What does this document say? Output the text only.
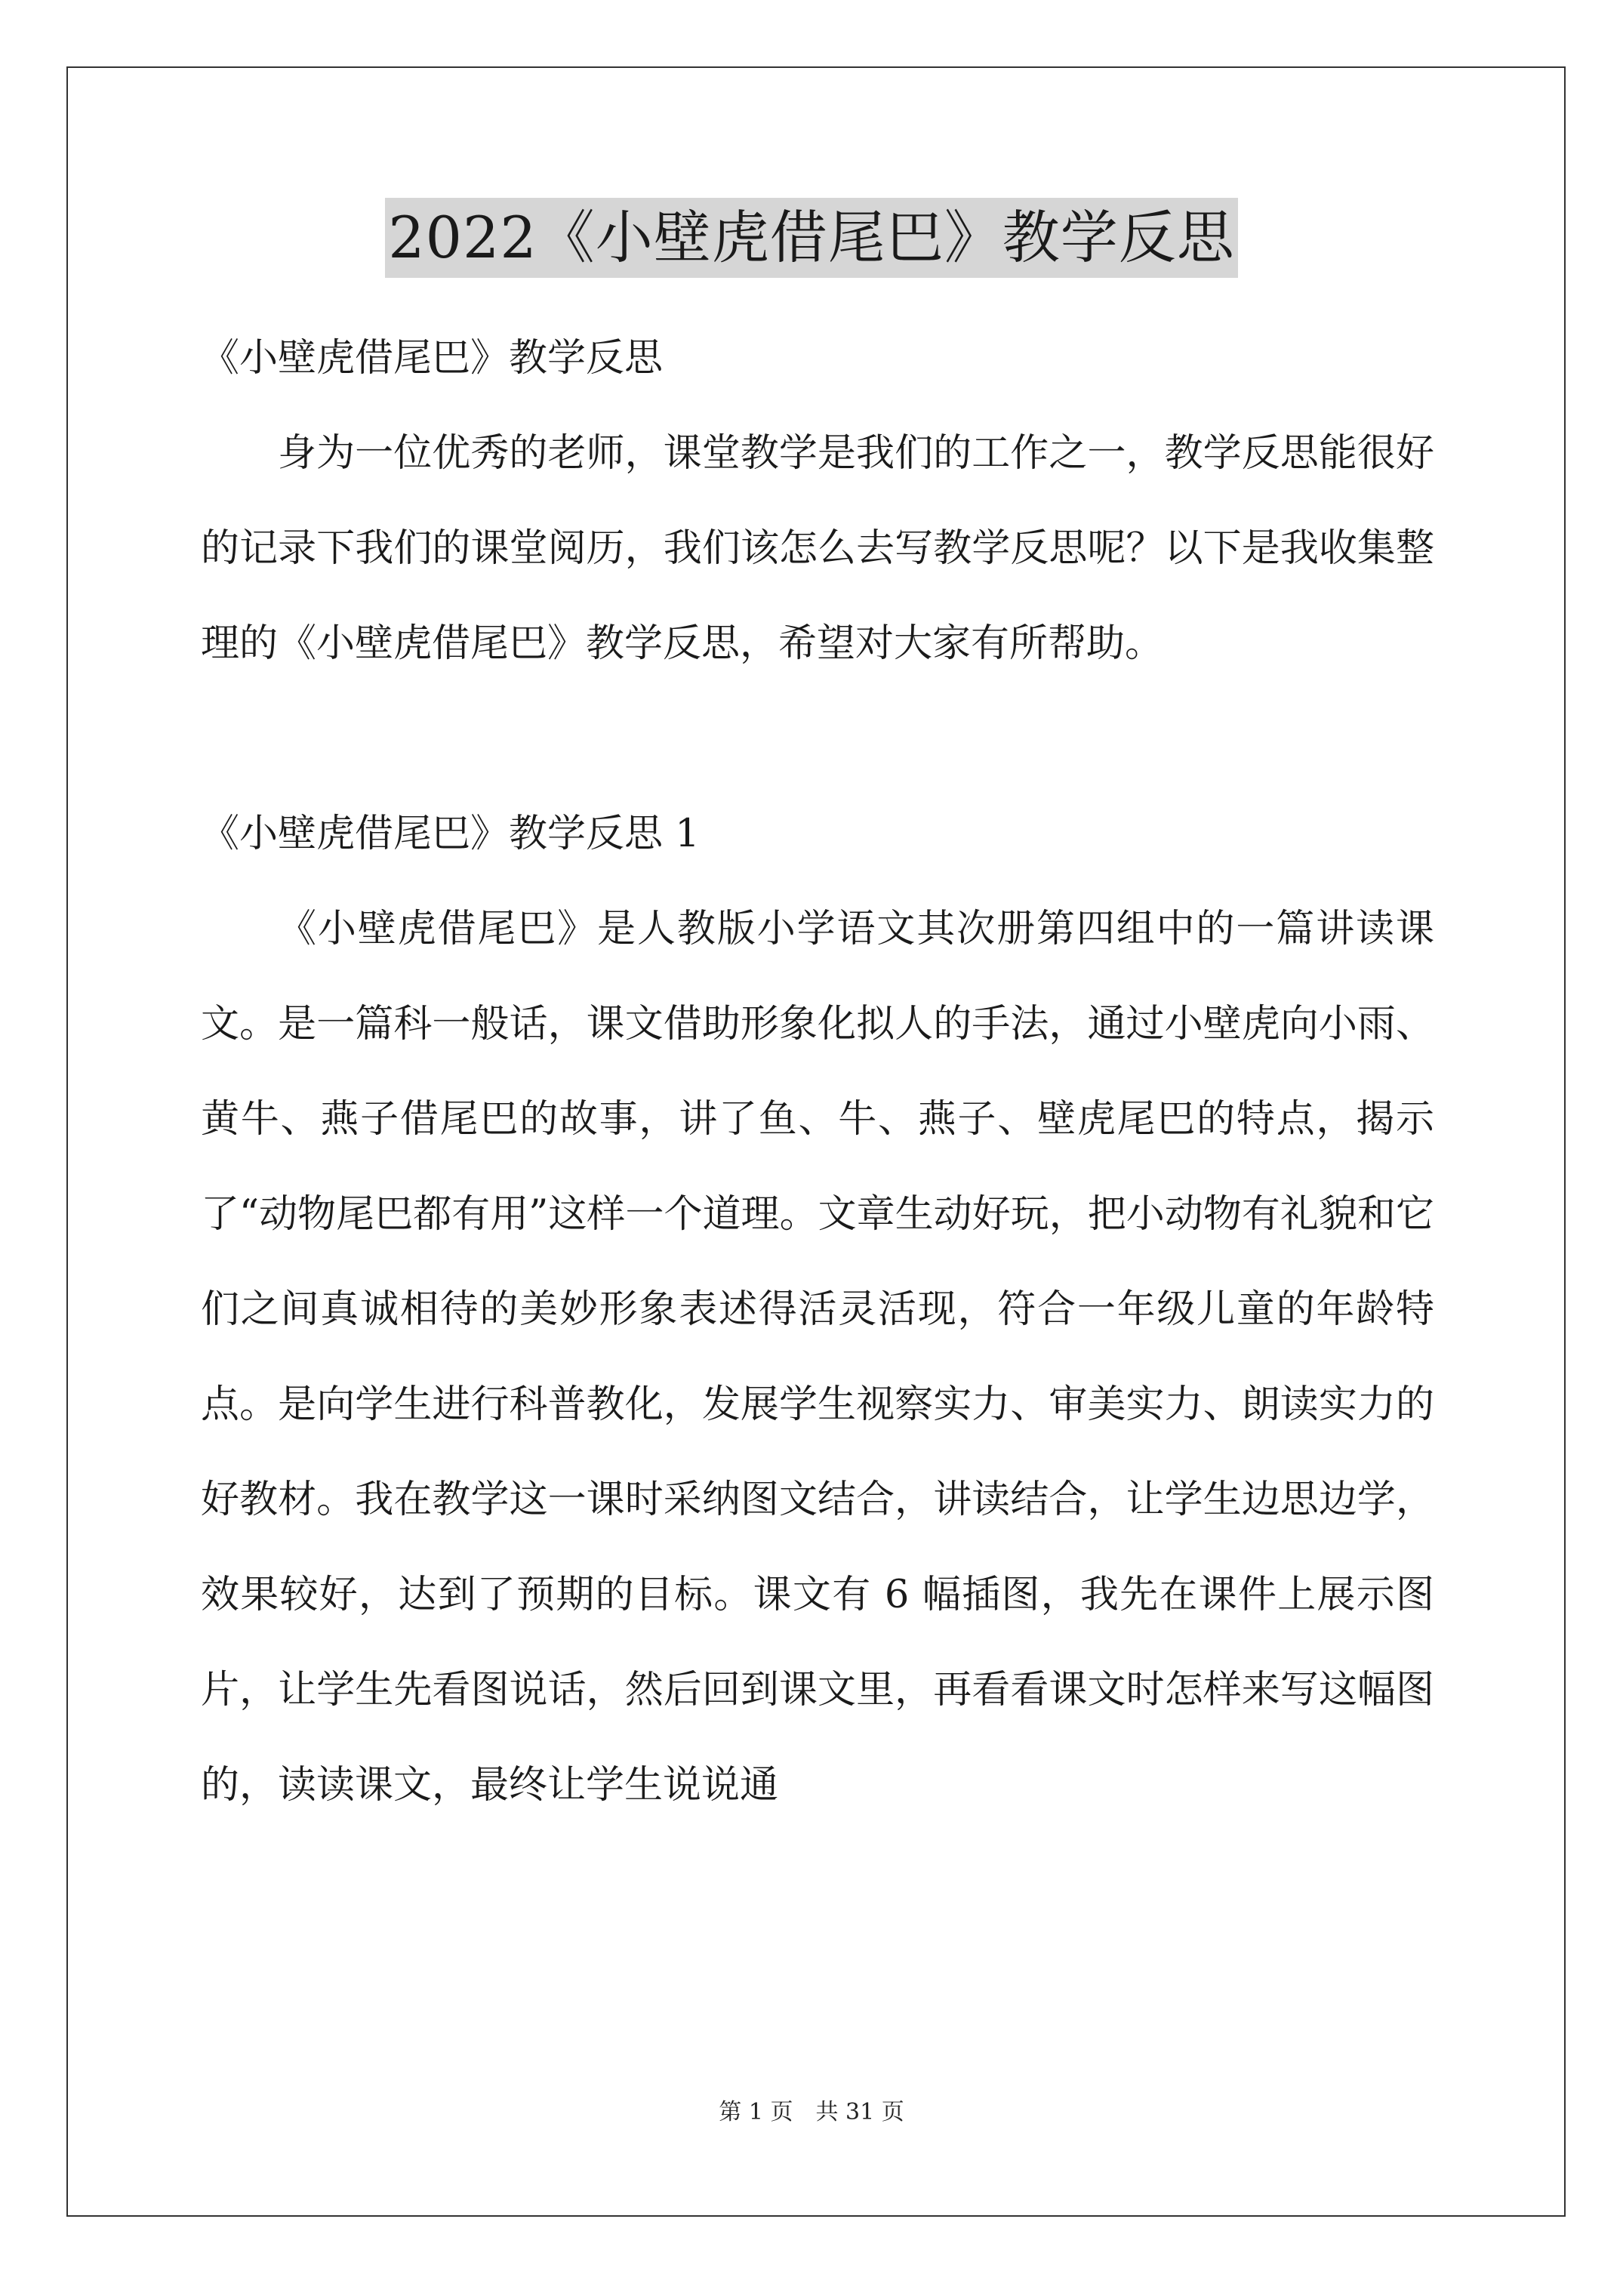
2022《小壁虎借尾巴》教学反思

《小壁虎借尾巴》教学反思

身为一位优秀的老师，课堂教学是我们的工作之一，教学反思能很好的记录下我们的课堂阅历，我们该怎么去写教学反思呢？以下是我收集整理的《小壁虎借尾巴》教学反思，希望对大家有所帮助。

《小壁虎借尾巴》教学反思 1

《小壁虎借尾巴》是人教版小学语文其次册第四组中的一篇讲读课文。是一篇科一般话，课文借助形象化拟人的手法，通过小壁虎向小雨、黄牛、燕子借尾巴的故事，讲了鱼、牛、燕子、壁虎尾巴的特点，揭示了“动物尾巴都有用”这样一个道理。文章生动好玩，把小动物有礼貌和它们之间真诚相待的美妙形象表述得活灵活现，符合一年级儿童的年龄特点。是向学生进行科普教化，发展学生视察实力、审美实力、朗读实力的好教材。我在教学这一课时采纳图文结合，讲读结合，让学生边思边学，效果较好，达到了预期的目标。课文有 6 幅插图，我先在课件上展示图片，让学生先看图说话，然后回到课文里，再看看课文时怎样来写这幅图的，读读课文，最终让学生说说通

第 1 页 共 31 页
